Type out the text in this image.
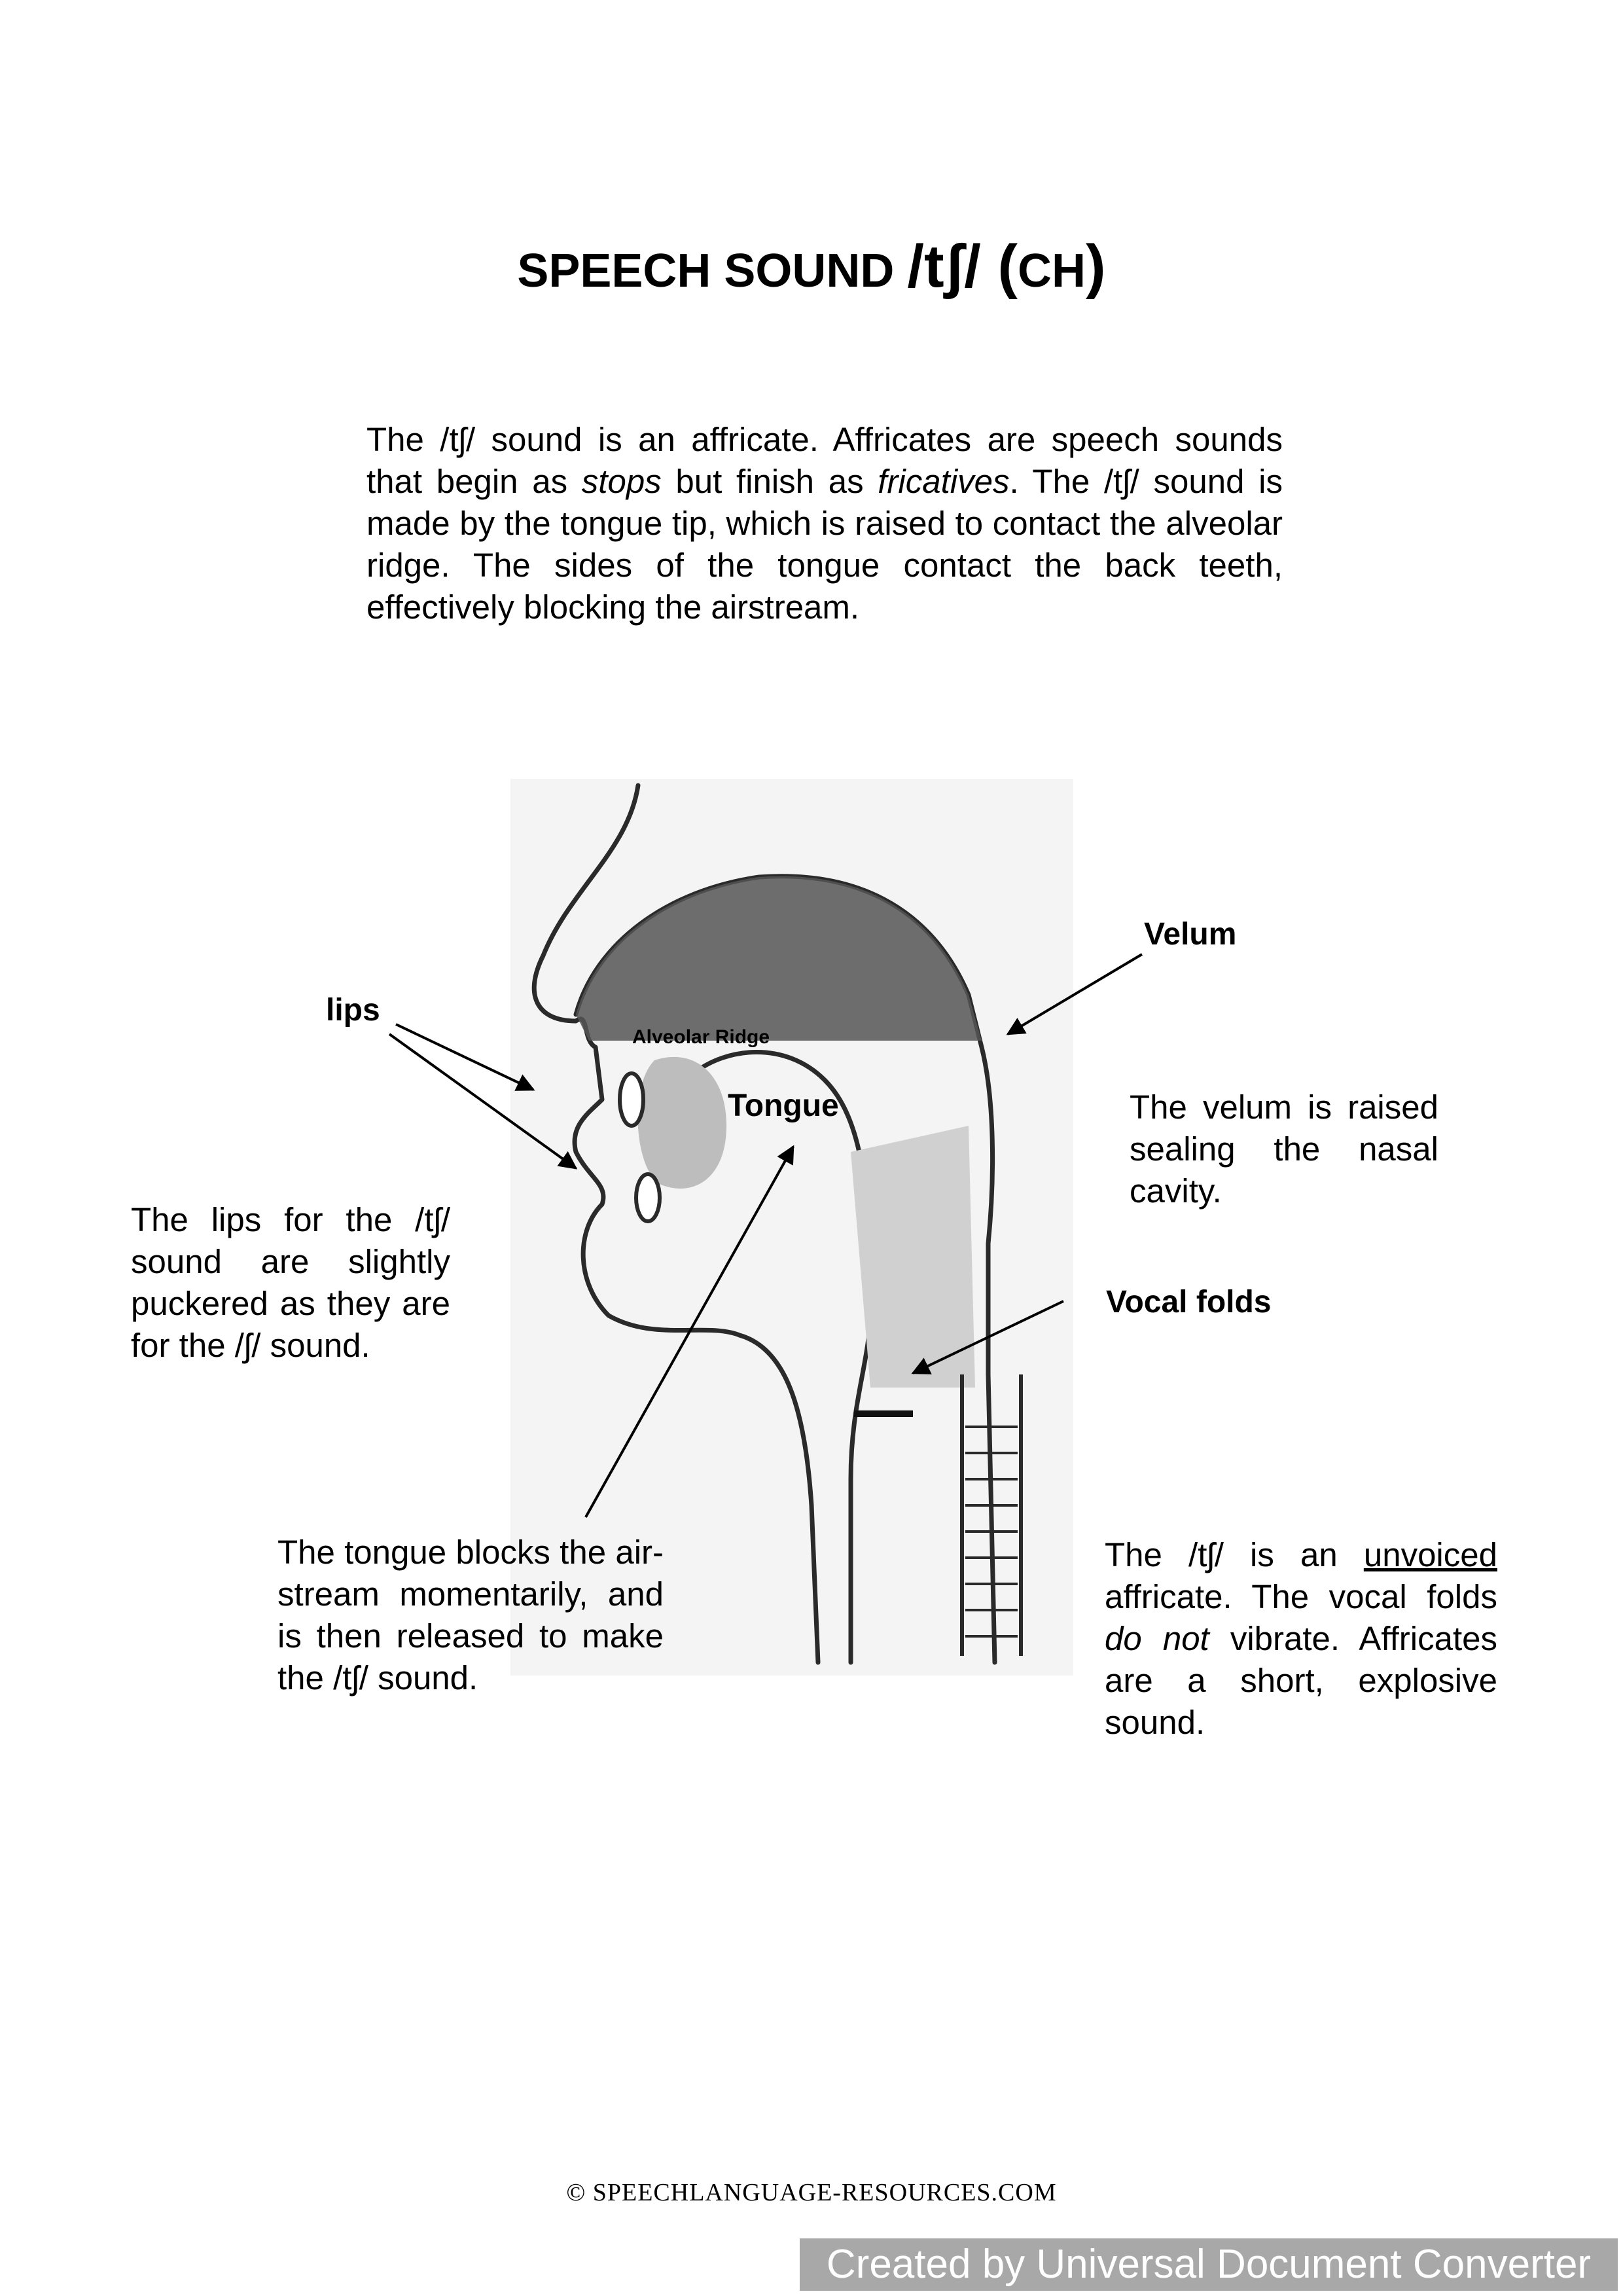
SPEECH SOUND /tʃ/ (CH)

The /tʃ/ sound is an affricate. Affricates are speech sounds that begin as stops but finish as fricatives. The /tʃ/ sound is made by the tongue tip, which is raised to contact the alveolar ridge. The sides of the tongue contact the back teeth, effectively blocking the airstream.

Alveolar Ridge
lips
Velum
Tongue
Vocal folds

The lips for the /tʃ/ sound are slightly puckered as they are for the /ʃ/ sound.

The velum is raised sealing the nasal cavity.

The tongue blocks the air-stream momentarily, and is then released to make the /tʃ/ sound.

The /tʃ/ is an unvoiced affricate. The vocal folds do not vibrate. Affricates are a short, explosive sound.

© SPEECHLANGUAGE-RESOURCES.COM
Created by Universal Document Converter
